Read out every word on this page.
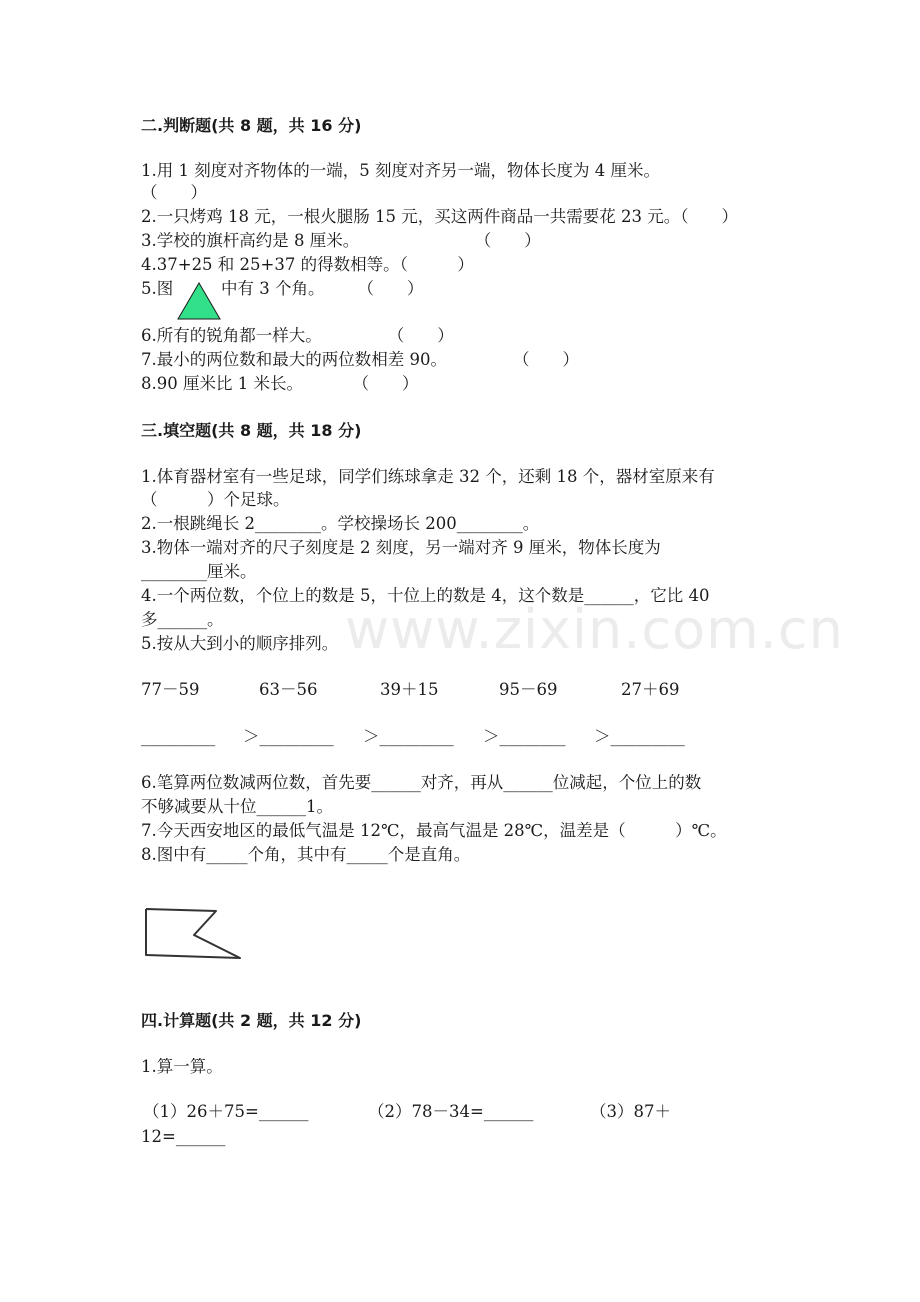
www.zixin.com.cn
二.判断题(共 8 题，共 16 分)
1.用 1 刻度对齐物体的一端，5 刻度对齐另一端，物体长度为 4 厘米。
（　　）
2.一只烤鸡 18 元，一根火腿肠 15 元，买这两件商品一共需要花 23 元。（　　）
3.学校的旗杆高约是 8 厘米。　　　　　　　　（　　）
4.37+25 和 25+37 的得数相等。（　　　）
5.图	中有 3 个角。　　　（　　）
6.所有的锐角都一样大。　　　　　（　　）
7.最小的两位数和最大的两位数相差 90。　　　　　（　　）
8.90 厘米比 1 米长。　　　　（　　）
三.填空题(共 8 题，共 18 分)
1.体育器材室有一些足球，同学们练球拿走 32 个，还剩 18 个，器材室原来有
（　　　）个足球。
2.一根跳绳长 2________。学校操场长 200________。
3.物体一端对齐的尺子刻度是 2 刻度，另一端对齐 9 厘米，物体长度为
________厘米。
4.一个两位数，个位上的数是 5，十位上的数是 4，这个数是______，它比 40
多______。
5.按从大到小的顺序排列。
77－59	63－56	39＋15	95－69	27＋69
_________ ＞_________ ＞_________ ＞________ ＞_________
6.笔算两位数减两位数，首先要______对齐，再从______位减起，个位上的数
不够减要从十位______1。
7.今天西安地区的最低气温是 12℃，最高气温是 28℃，温差是（　　　）℃。
8.图中有_____个角，其中有_____个是直角。
四.计算题(共 2 题，共 12 分)
1.算一算。
（1）26＋75=______	（2）78－34=______	（3）87＋
12=______
